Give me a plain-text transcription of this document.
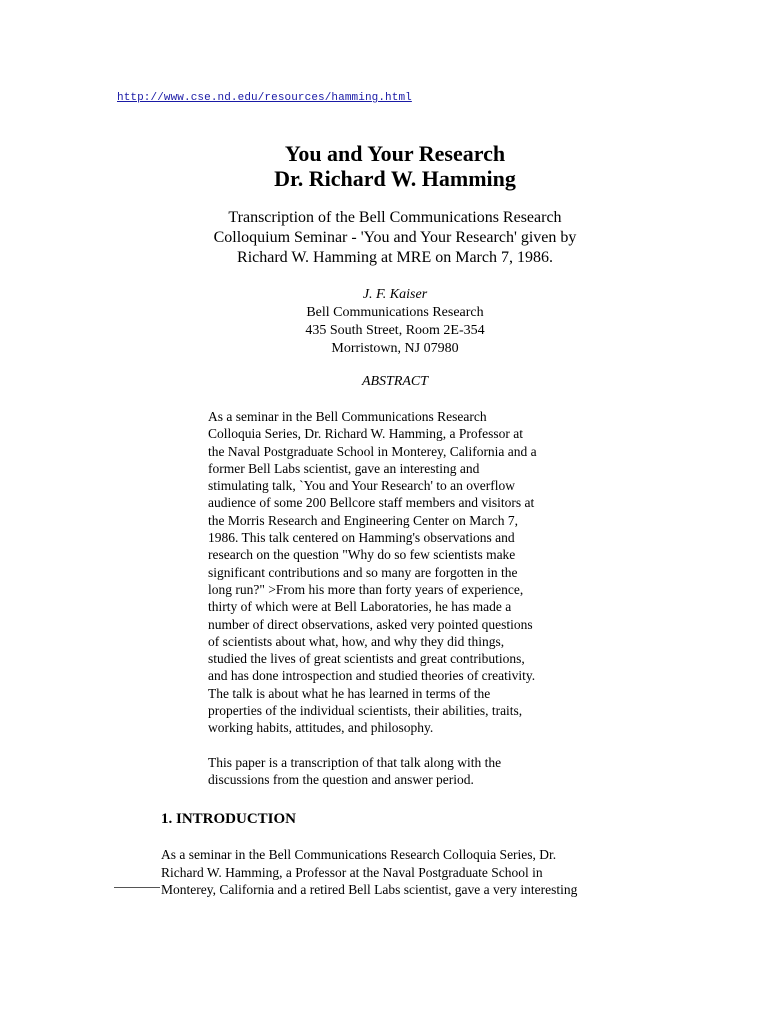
http://www.cse.nd.edu/resources/hamming.html
You and Your Research
Dr. Richard W. Hamming
Transcription of the Bell Communications Research
Colloquium Seminar - 'You and Your Research' given by
Richard W. Hamming at MRE on March 7, 1986.
J. F. Kaiser
Bell Communications Research
435 South Street, Room 2E-354
Morristown, NJ 07980
ABSTRACT

As a seminar in the Bell Communications Research
Colloquia Series, Dr. Richard W. Hamming, a Professor at
the Naval Postgraduate School in Monterey, California and a
former Bell Labs scientist, gave an interesting and
stimulating talk, `You and Your Research' to an overflow
audience of some 200 Bellcore staff members and visitors at
the Morris Research and Engineering Center on March 7,
1986. This talk centered on Hamming's observations and
research on the question "Why do so few scientists make
significant contributions and so many are forgotten in the
long run?" >From his more than forty years of experience,
thirty of which were at Bell Laboratories, he has made a
number of direct observations, asked very pointed questions
of scientists about what, how, and why they did things,
studied the lives of great scientists and great contributions,
and has done introspection and studied theories of creativity.
The talk is about what he has learned in terms of the
properties of the individual scientists, their abilities, traits,
working habits, attitudes, and philosophy.

This paper is a transcription of that talk along with the
discussions from the question and answer period.

1. INTRODUCTION

As a seminar in the Bell Communications Research Colloquia Series, Dr.
Richard W. Hamming, a Professor at the Naval Postgraduate School in
Monterey, California and a retired Bell Labs scientist, gave a very interesting
